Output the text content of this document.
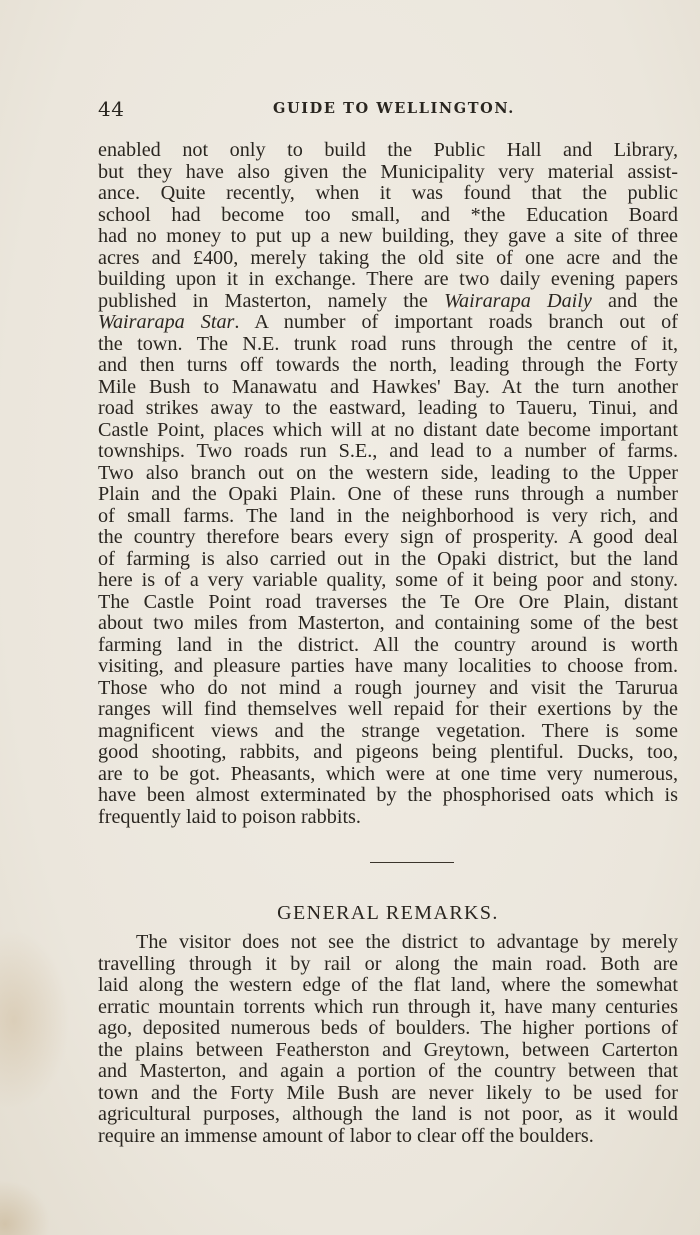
44	GUIDE TO WELLINGTON.
enabled not only to build the Public Hall and Library,
but they have also given the Municipality very material assist-
ance. Quite recently, when it was found that the public
school had become too small, and *the Education Board
had no money to put up a new building, they gave a site of three
acres and £400, merely taking the old site of one acre and the
building upon it in exchange. There are two daily evening papers
published in Masterton, namely the Wairarapa Daily and the
Wairarapa Star. A number of important roads branch out of
the town. The N.E. trunk road runs through the centre of it,
and then turns off towards the north, leading through the Forty
Mile Bush to Manawatu and Hawkes' Bay. At the turn another
road strikes away to the eastward, leading to Taueru, Tinui, and
Castle Point, places which will at no distant date become important
townships. Two roads run S.E., and lead to a number of farms.
Two also branch out on the western side, leading to the Upper
Plain and the Opaki Plain. One of these runs through a number
of small farms. The land in the neighborhood is very rich, and
the country therefore bears every sign of prosperity. A good deal
of farming is also carried out in the Opaki district, but the land
here is of a very variable quality, some of it being poor and stony.
The Castle Point road traverses the Te Ore Ore Plain, distant
about two miles from Masterton, and containing some of the best
farming land in the district. All the country around is worth
visiting, and pleasure parties have many localities to choose from.
Those who do not mind a rough journey and visit the Tarurua
ranges will find themselves well repaid for their exertions by the
magnificent views and the strange vegetation. There is some
good shooting, rabbits, and pigeons being plentiful. Ducks, too,
are to be got. Pheasants, which were at one time very numerous,
have been almost exterminated by the phosphorised oats which is
frequently laid to poison rabbits.
GENERAL REMARKS.
The visitor does not see the district to advantage by merely
travelling through it by rail or along the main road. Both are
laid along the western edge of the flat land, where the somewhat
erratic mountain torrents which run through it, have many centuries
ago, deposited numerous beds of boulders. The higher portions of
the plains between Featherston and Greytown, between Carterton
and Masterton, and again a portion of the country between that
town and the Forty Mile Bush are never likely to be used for
agricultural purposes, although the land is not poor, as it would
require an immense amount of labor to clear off the boulders.
